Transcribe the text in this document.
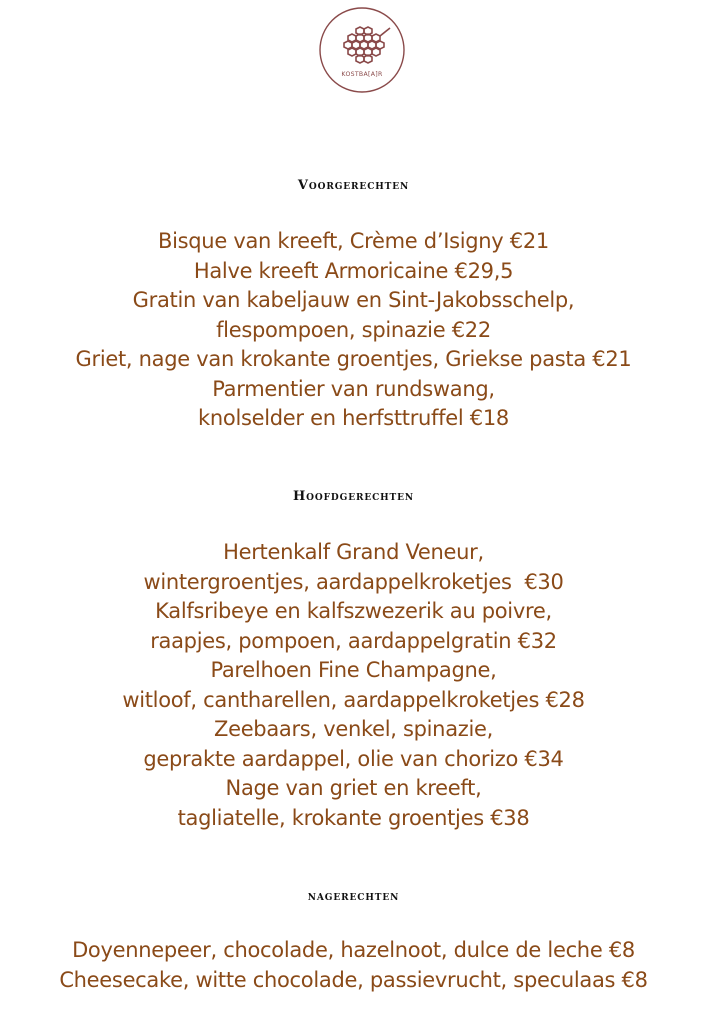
KOSTBA[A]R
Voorgerechten
Bisque van kreeft, Crème d’Isigny €21
Halve kreeft Armoricaine €29,5
Gratin van kabeljauw en Sint-Jakobsschelp,
flespompoen, spinazie €22
Griet, nage van krokante groentjes, Griekse pasta €21
Parmentier van rundswang,
knolselder en herfsttruffel €18
Hoofdgerechten
Hertenkalf Grand Veneur,
wintergroentjes, aardappelkroketjes  €30
Kalfsribeye en kalfszwezerik au poivre,
raapjes, pompoen, aardappelgratin €32
Parelhoen Fine Champagne,
witloof, cantharellen, aardappelkroketjes €28
Zeebaars, venkel, spinazie,
geprakte aardappel, olie van chorizo €34
Nage van griet en kreeft,
tagliatelle, krokante groentjes €38
nagerechten
Doyennepeer, chocolade, hazelnoot, dulce de leche €8
Cheesecake, witte chocolade, passievrucht, speculaas €8
